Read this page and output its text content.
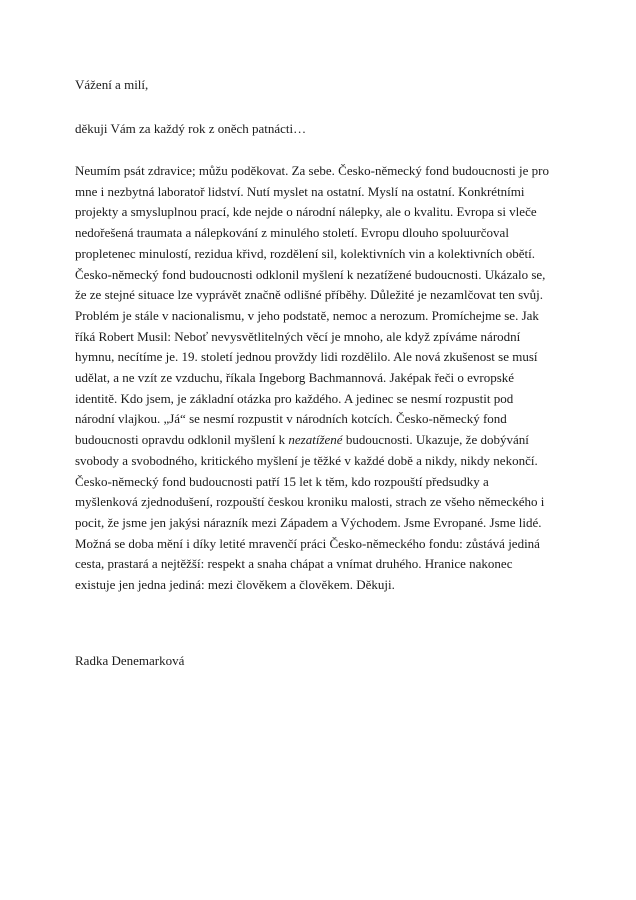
Vážení a milí,
děkuji Vám za každý rok z oněch patnácti…
Neumím psát zdravice; můžu poděkovat. Za sebe. Česko-německý fond budoucnosti je pro
mne i nezbytná laboratoř lidství. Nutí myslet na ostatní. Myslí na ostatní. Konkrétními
projekty a smysluplnou prací, kde nejde o národní nálepky, ale o kvalitu. Evropa si vleče
nedořešená traumata a nálepkování z minulého století. Evropu dlouho spoluurčoval
propletenec minulostí, rezidua křivd, rozdělení sil, kolektivních vin a kolektivních obětí.
Česko-německý fond budoucnosti odklonil myšlení k nezatížené budoucnosti. Ukázalo se,
že ze stejné situace lze vyprávět značně odlišné příběhy. Důležité je nezamlčovat ten svůj.
Problém je stále v nacionalismu, v jeho podstatě, nemoc a nerozum. Promíchejme se. Jak
říká Robert Musil: Neboť nevysvětlitelných věcí je mnoho, ale když zpíváme národní
hymnu, necítíme je. 19. století jednou provždy lidi rozdělilo. Ale nová zkušenost se musí
udělat, a ne vzít ze vzduchu, říkala Ingeborg Bachmannová. Jaképak řeči o evropské
identitě. Kdo jsem, je základní otázka pro každého. A jedinec se nesmí rozpustit pod
národní vlajkou. „Já“ se nesmí rozpustit v národních kotcích. Česko-německý fond
budoucnosti opravdu odklonil myšlení k nezatížené budoucnosti. Ukazuje, že dobývání
svobody a svobodného, kritického myšlení je těžké v každé době a nikdy, nikdy nekončí.
Česko-německý fond budoucnosti patří 15 let k těm, kdo rozpouští předsudky a
myšlenková zjednodušení, rozpouští českou kroniku malosti, strach ze všeho německého i
pocit, že jsme jen jakýsi nárazník mezi Západem a Východem. Jsme Evropané. Jsme lidé.
Možná se doba mění i díky letité mravenčí práci Česko-německého fondu: zůstává jediná
cesta, prastará a nejtěžší: respekt a snaha chápat a vnímat druhého. Hranice nakonec
existuje jen jedna jediná: mezi člověkem a člověkem. Děkuji.
Radka Denemarková
